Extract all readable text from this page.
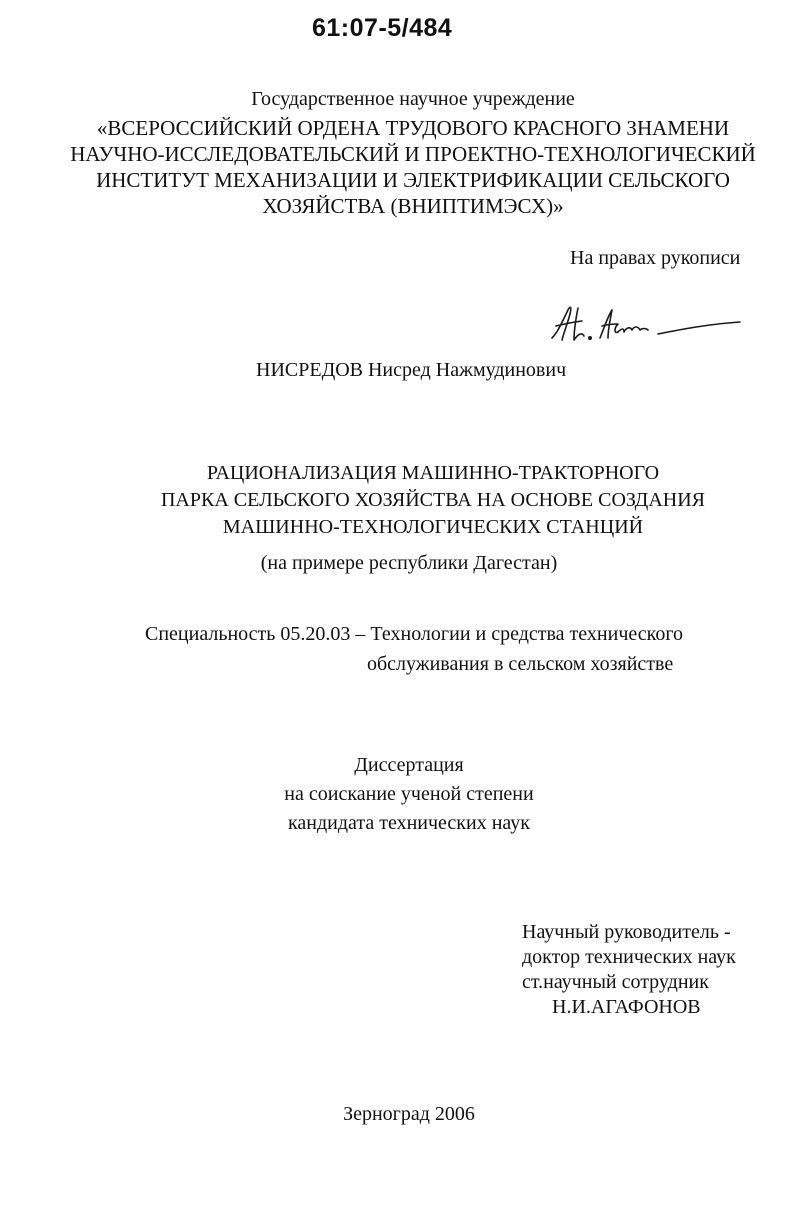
61:07-5/484
Государственное научное учреждение
«ВСЕРОССИЙСКИЙ ОРДЕНА ТРУДОВОГО КРАСНОГО ЗНАМЕНИ
НАУЧНО-ИССЛЕДОВАТЕЛЬСКИЙ И ПРОЕКТНО-ТЕХНОЛОГИЧЕСКИЙ
ИНСТИТУТ МЕХАНИЗАЦИИ И ЭЛЕКТРИФИКАЦИИ СЕЛЬСКОГО
ХОЗЯЙСТВА (ВНИПТИМЭСХ)»
На правах рукописи
НИСРЕДОВ Нисред Нажмудинович
РАЦИОНАЛИЗАЦИЯ МАШИННО-ТРАКТОРНОГО
ПАРКА СЕЛЬСКОГО ХОЗЯЙСТВА НА ОСНОВЕ СОЗДАНИЯ
МАШИННО-ТЕХНОЛОГИЧЕСКИХ СТАНЦИЙ
(на примере республики Дагестан)
Специальность 05.20.03 – Технологии и средства технического
обслуживания в сельском хозяйстве
Диссертация
на соискание ученой степени
кандидата технических наук
Научный руководитель -
доктор технических наук
ст.научный сотрудник
Н.И.АГАФОНОВ
Зерноград 2006
